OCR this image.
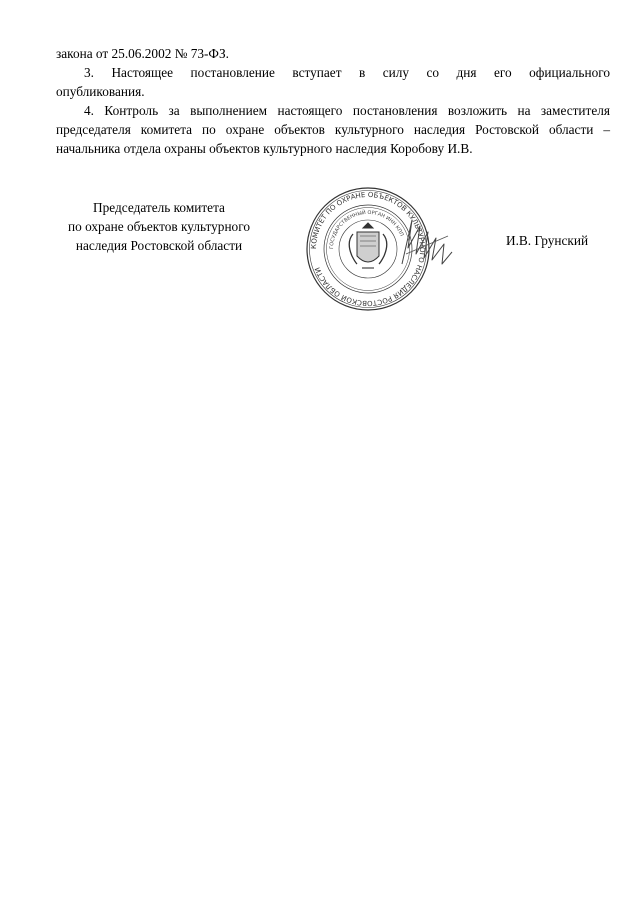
закона от 25.06.2002 № 73-ФЗ.
3. Настоящее постановление вступает в силу со дня его официального
опубликования.
4. Контроль за выполнением настоящего постановления возложить на заместителя
председателя комитета по охране объектов культурного наследия Ростовской области –
начальника отдела охраны объектов культурного наследия Коробову И.В.
Председатель комитета
по охране объектов культурного
наследия Ростовской области	КОМИТЕТ ПО ОХРАНЕ ОБЪЕКТОВ КУЛЬТУРНОГО НАСЛЕДИЯ РОСТОВСКОЙ ОБЛАСТИ
ГОСУДАРСТВЕННЫЙ ОРГАН ИНН КПП	И.В. Грунский
